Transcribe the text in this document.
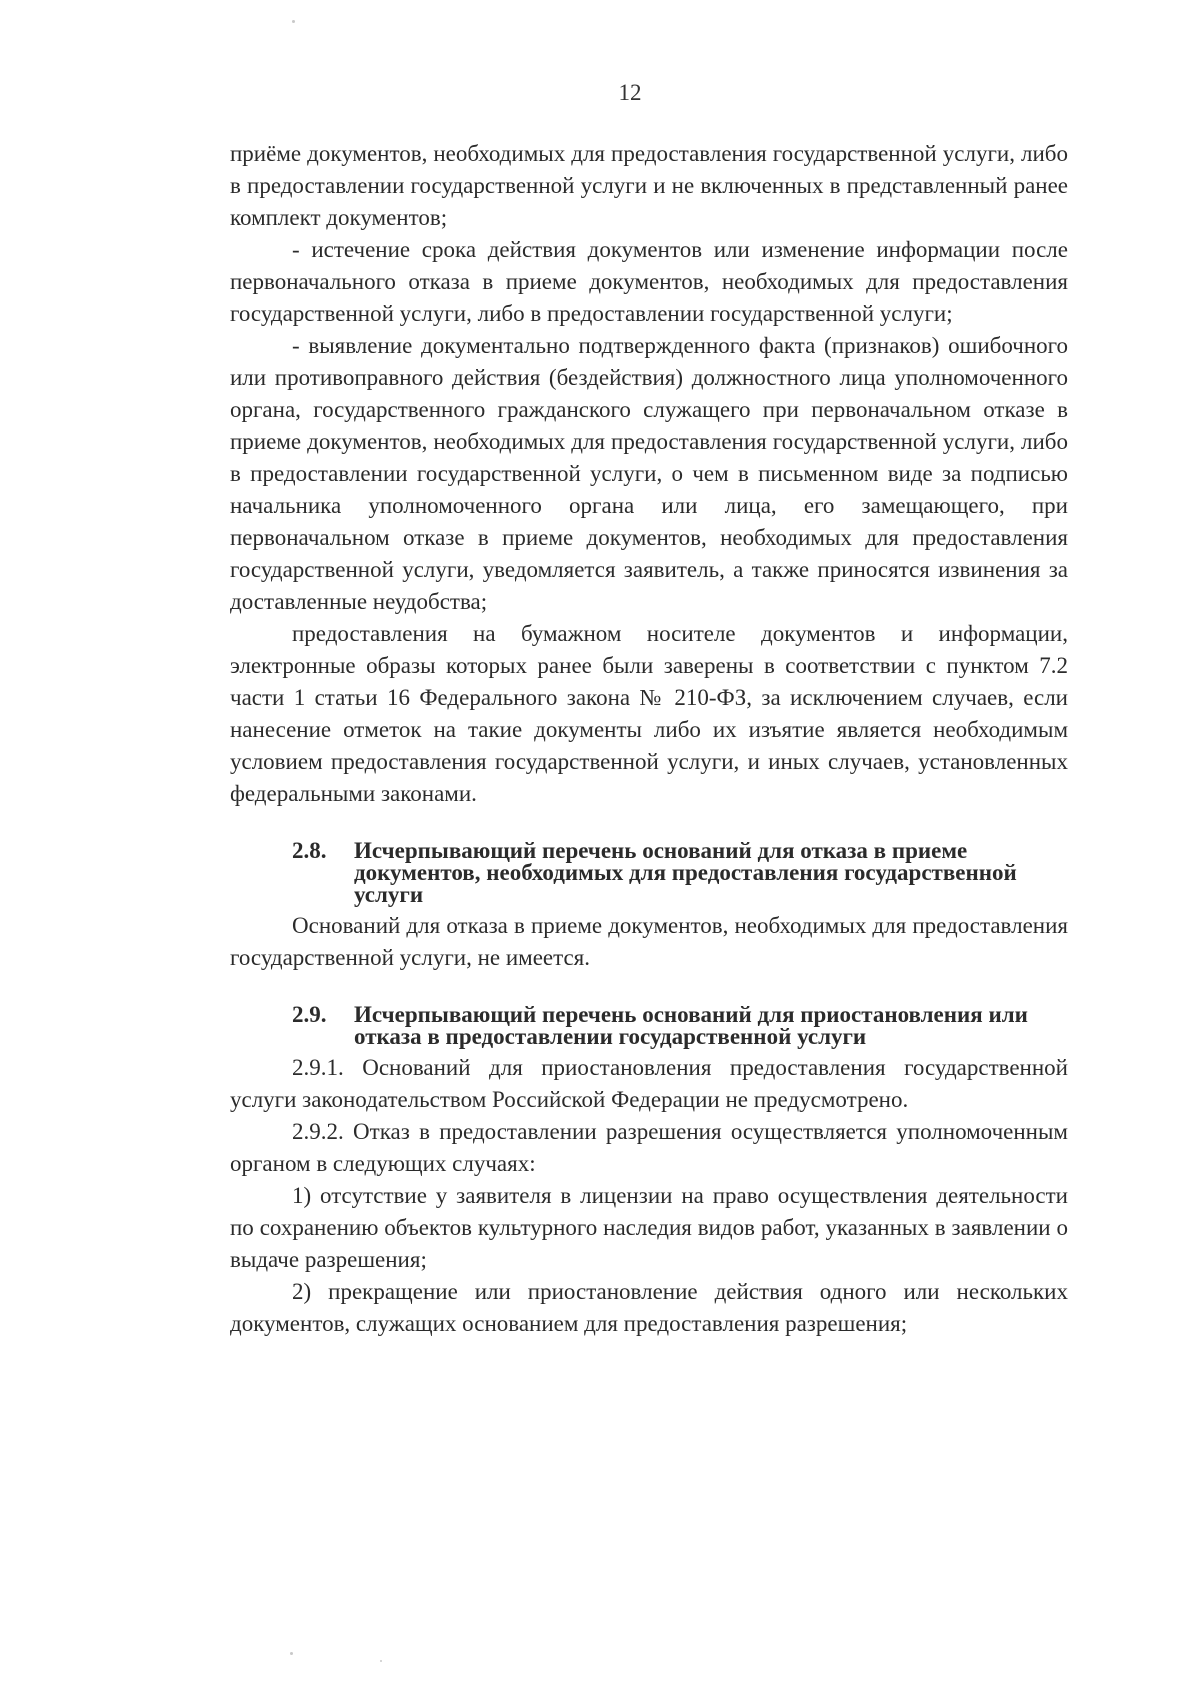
12

приёме документов, необходимых для предоставления государственной услуги, либо в предоставлении государственной услуги и не включенных в представленный ранее комплект документов;

- истечение срока действия документов или изменение информации после первоначального отказа в приеме документов, необходимых для предоставления государственной услуги, либо в предоставлении государственной услуги;

- выявление документально подтвержденного факта (признаков) ошибочного или противоправного действия (бездействия) должностного лица уполномоченного органа, государственного гражданского служащего при первоначальном отказе в приеме документов, необходимых для предоставления государственной услуги, либо в предоставлении государственной услуги, о чем в письменном виде за подписью начальника уполномоченного органа или лица, его замещающего, при первоначальном отказе в приеме документов, необходимых для предоставления государственной услуги, уведомляется заявитель, а также приносятся извинения за доставленные неудобства;

предоставления на бумажном носителе документов и информации, электронные образы которых ранее были заверены в соответствии с пунктом 7.2 части 1 статьи 16 Федерального закона № 210-ФЗ, за исключением случаев, если нанесение отметок на такие документы либо их изъятие является необходимым условием предоставления государственной услуги, и иных случаев, установленных федеральными законами.

2.8.	Исчерпывающий перечень оснований для отказа в приеме документов, необходимых для предоставления государственной услуги

Оснований для отказа в приеме документов, необходимых для предоставления государственной услуги, не имеется.

2.9.	Исчерпывающий перечень оснований для приостановления или отказа в предоставлении государственной услуги

2.9.1. Оснований для приостановления предоставления государственной услуги законодательством Российской Федерации не предусмотрено.

2.9.2. Отказ в предоставлении разрешения осуществляется уполномоченным органом в следующих случаях:

1) отсутствие у заявителя в лицензии на право осуществления деятельности по сохранению объектов культурного наследия видов работ, указанных в заявлении о выдаче разрешения;

2) прекращение или приостановление действия одного или нескольких документов, служащих основанием для предоставления разрешения;
